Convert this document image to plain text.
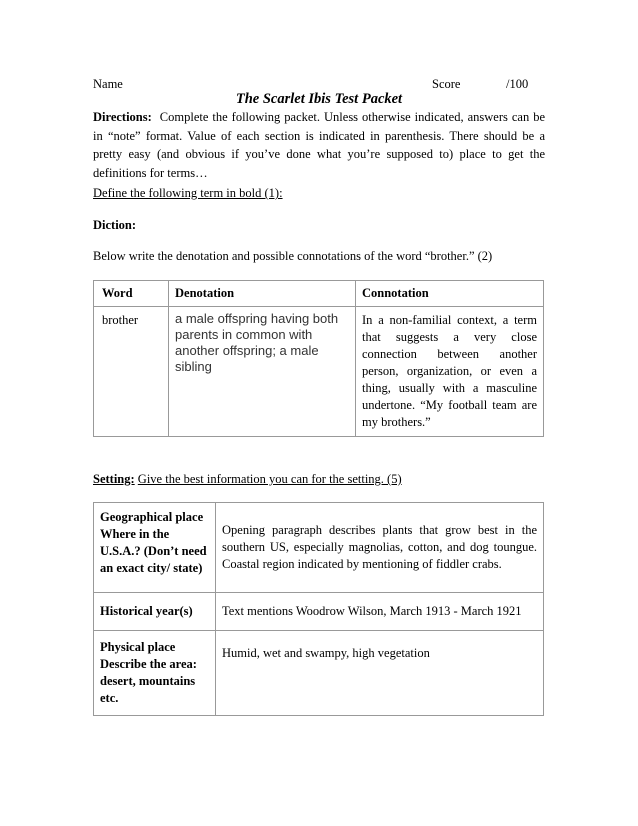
Name	Score	/100
The Scarlet Ibis Test Packet
Directions: Complete the following packet. Unless otherwise indicated, answers can be in “note” format. Value of each section is indicated in parenthesis. There should be a pretty easy (and obvious if you’ve done what you’re supposed to) place to get the definitions for terms…
Define the following term in bold (1):
Diction:
Below write the denotation and possible connotations of the word “brother.” (2)
Word	Denotation	Connotation
brother	a male offspring having both parents in common with another offspring; a male sibling	In a non-familial context, a term that suggests a very close connection between another person, organization, or even a thing, usually with a masculine undertone. “My football team are my brothers.”
Setting: Give the best information you can for the setting. (5)
Geographical place Where in the U.S.A.? (Don’t need an exact city/ state)	Opening paragraph describes plants that grow best in the southern US, especially magnolias, cotton, and dog toungue. Coastal region indicated by mentioning of fiddler crabs.
Historical year(s)	Text mentions Woodrow Wilson, March 1913 - March 1921
Physical place Describe the area: desert, mountains etc.	Humid, wet and swampy, high vegetation
